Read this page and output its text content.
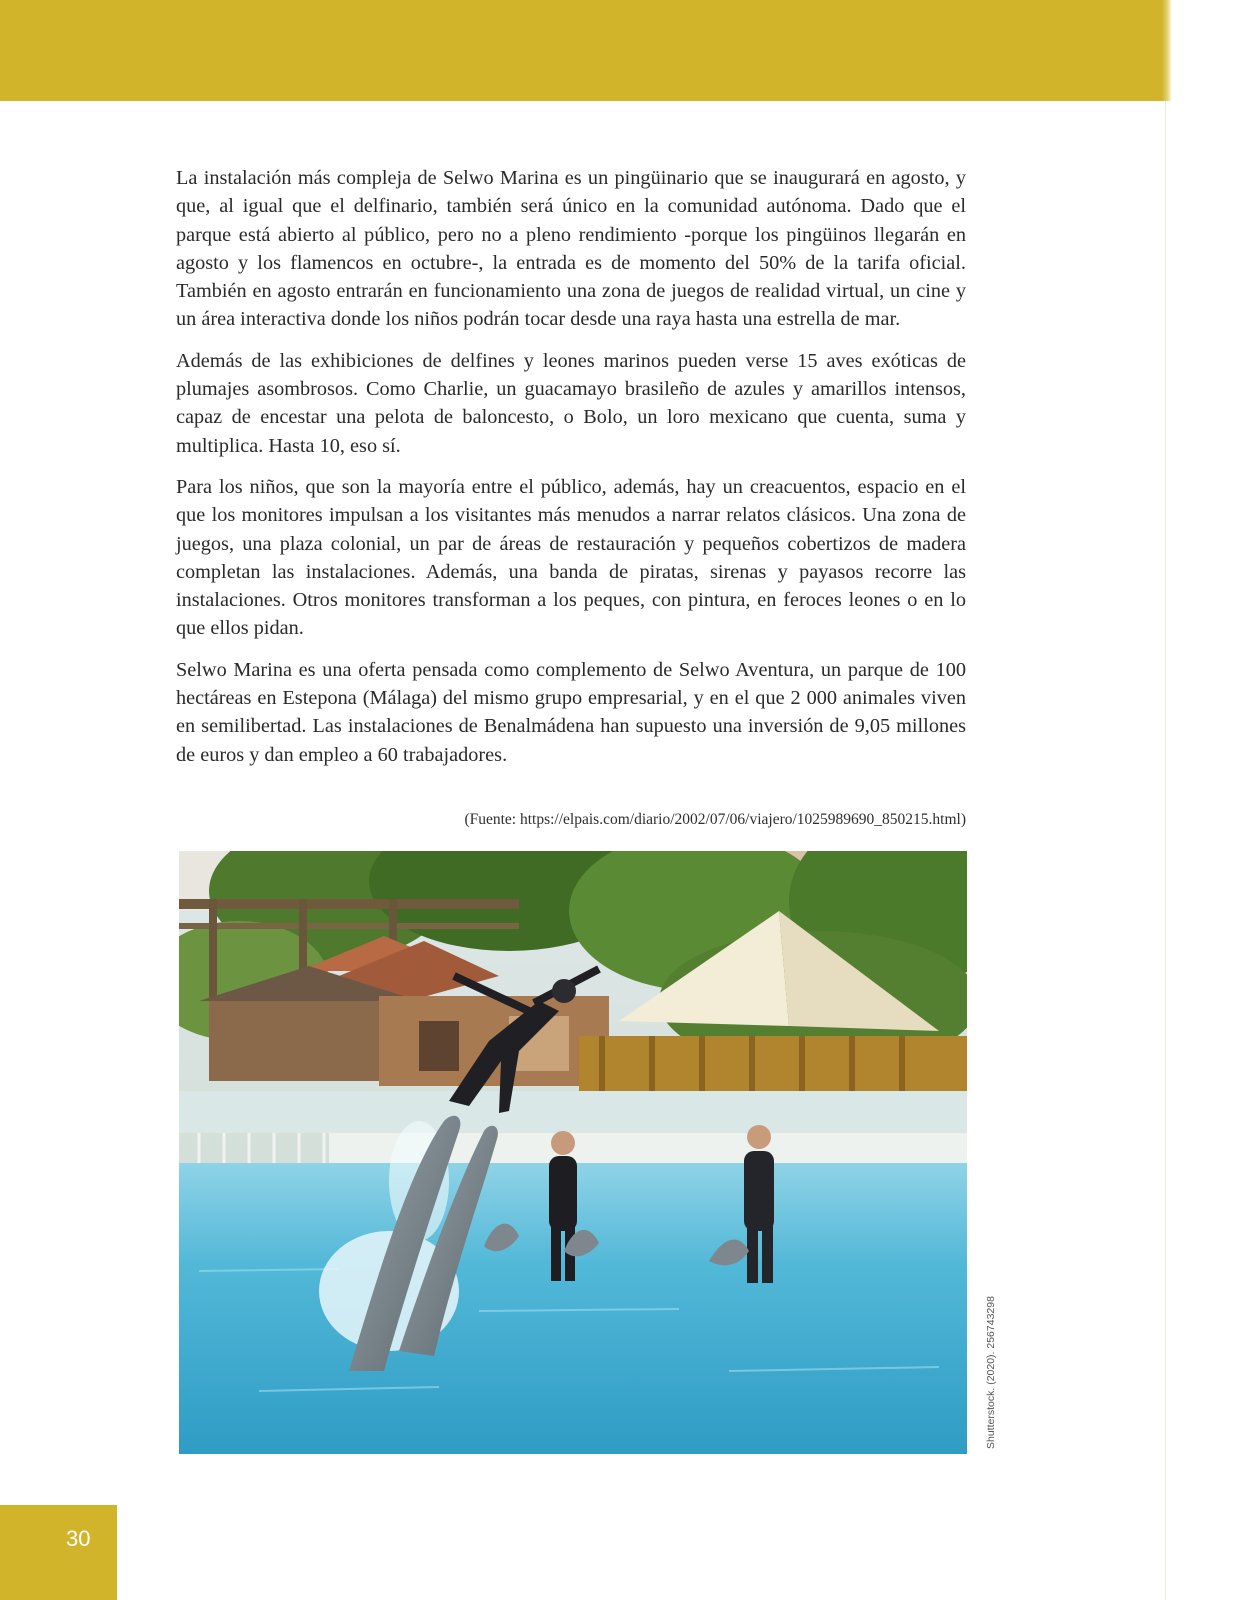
La instalación más compleja de Selwo Marina es un pingüinario que se inaugurará en agosto, y que, al igual que el delfinario, también será único en la comunidad autónoma. Dado que el parque está abierto al público, pero no a pleno rendimiento -porque los pingüinos llegarán en agosto y los flamencos en octubre-, la entrada es de momento del 50% de la tarifa oficial. También en agosto entrarán en funcionamiento una zona de juegos de realidad virtual, un cine y un área interactiva donde los niños podrán tocar desde una raya hasta una estrella de mar.

Además de las exhibiciones de delfines y leones marinos pueden verse 15 aves exóticas de plumajes asombrosos. Como Charlie, un guacamayo brasileño de azules y amarillos intensos, capaz de encestar una pelota de baloncesto, o Bolo, un loro mexicano que cuenta, suma y multiplica. Hasta 10, eso sí.

Para los niños, que son la mayoría entre el público, además, hay un creacuentos, espacio en el que los monitores impulsan a los visitantes más menudos a narrar relatos clásicos. Una zona de juegos, una plaza colonial, un par de áreas de restauración y pequeños cobertizos de madera completan las instalaciones. Además, una banda de piratas, sirenas y payasos recorre las instalaciones. Otros monitores transforman a los peques, con pintura, en feroces leones o en lo que ellos pidan.

Selwo Marina es una oferta pensada como complemento de Selwo Aventura, un parque de 100 hectáreas en Estepona (Málaga) del mismo grupo empresarial, y en el que 2 000 animales viven en semilibertad. Las instalaciones de Benalmádena han supuesto una inversión de 9,05 millones de euros y dan empleo a 60 trabajadores.

(Fuente: https://elpais.com/diario/2002/07/06/viajero/1025989690_850215.html)
Shutterstock. (2020). 256743298
30
